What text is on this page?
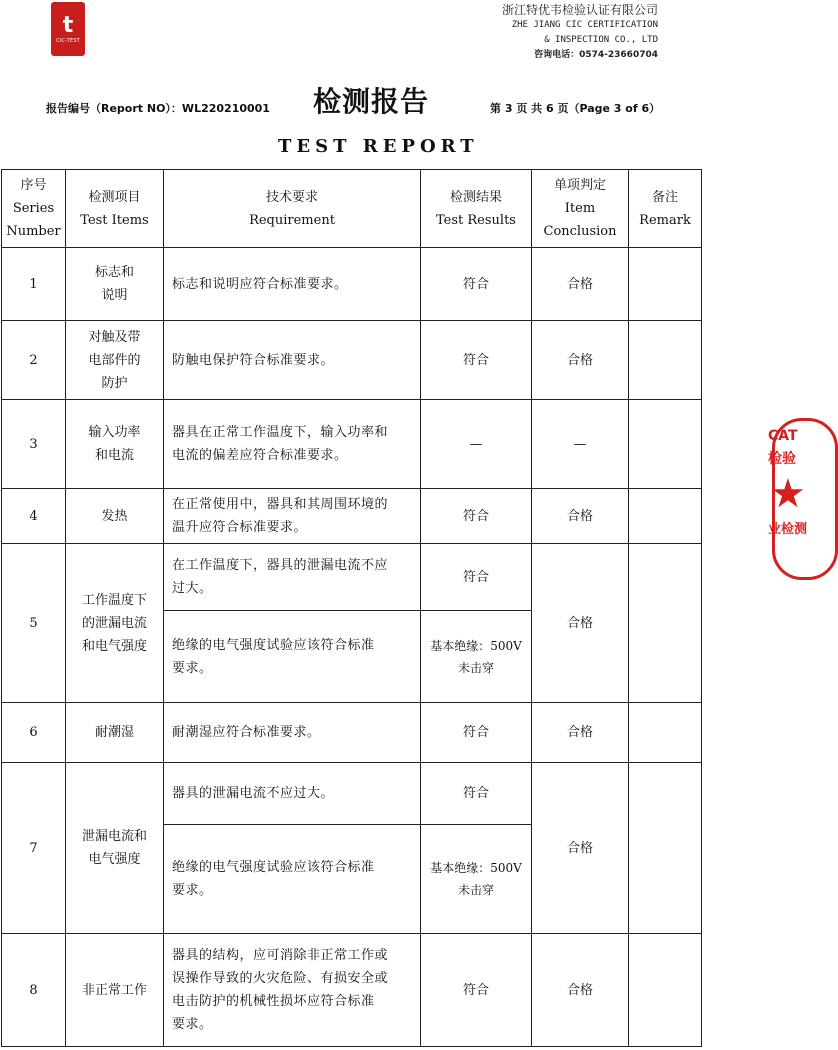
t
CIC-TEST
浙江特优韦检验认证有限公司
ZHE JIANG CIC CERTIFICATION
& INSPECTION CO., LTD
咨询电话：0574-23660704
报告编号（Report NO）：WL220210001 检测报告	第 3 页 共 6 页（Page 3 of 6）
TEST REPORT
序号
Series
Number	检测项目
Test Items	技术要求
Requirement	检测结果
Test Results	单项判定
Item
Conclusion	备注
Remark

1	标志和
说明	标志和说明应符合标准要求。	符合	合格	
2	对触及带
电部件的
防护	防触电保护符合标准要求。	符合	合格	
3	输入功率
和电流	器具在正常工作温度下，输入功率和
电流的偏差应符合标准要求。	—	—	
4	发热	在正常使用中，器具和其周围环境的
温升应符合标准要求。	符合	合格	
5	工作温度下
的泄漏电流
和电气强度	在工作温度下，器具的泄漏电流不应
过大。	符合	合格	

		绝缘的电气强度试验应该符合标准
要求。	基本绝缘：500V
未击穿		

6	耐潮湿	耐潮湿应符合标准要求。	符合	合格	
7	泄漏电流和
电气强度	器具的泄漏电流不应过大。	符合	合格	

		绝缘的电气强度试验应该符合标准
要求。	基本绝缘：500V
未击穿		

8	非正常工作	器具的结构，应可消除非正常工作或
误操作导致的火灾危险、有损安全或
电击防护的机械性损坏应符合标准
要求。	符合	合格	
CAT
检验
★
业检测
